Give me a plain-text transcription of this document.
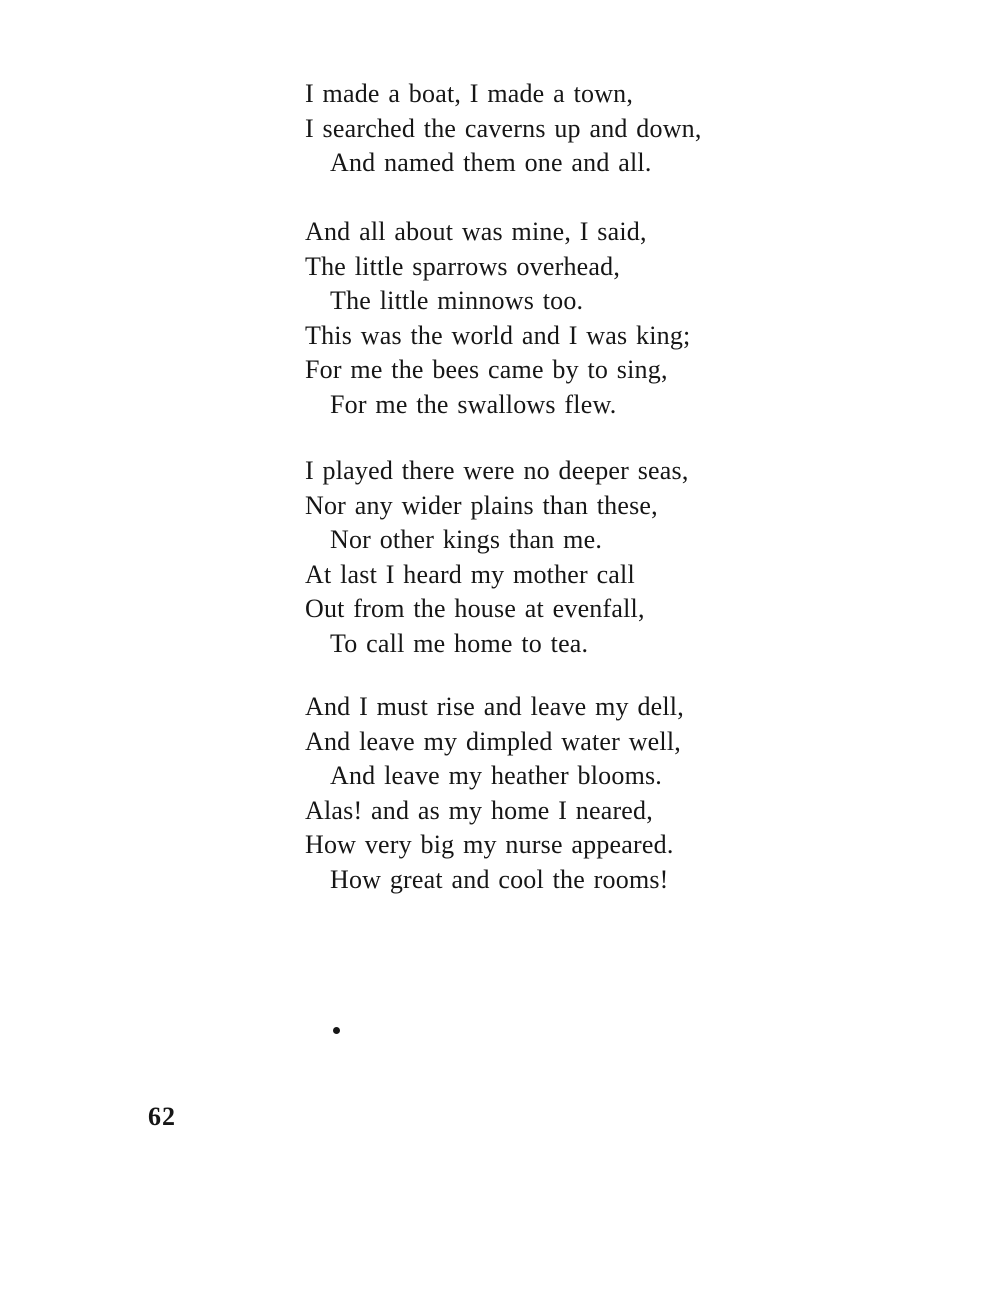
I made a boat, I made a town,
I searched the caverns up and down,
And named them one and all.
And all about was mine, I said,
The little sparrows overhead,
The little minnows too.
This was the world and I was king;
For me the bees came by to sing,
For me the swallows flew.
I played there were no deeper seas,
Nor any wider plains than these,
Nor other kings than me.
At last I heard my mother call
Out from the house at evenfall,
To call me home to tea.
And I must rise and leave my dell,
And leave my dimpled water well,
And leave my heather blooms.
Alas! and as my home I neared,
How very big my nurse appeared.
How great and cool the rooms!
62
